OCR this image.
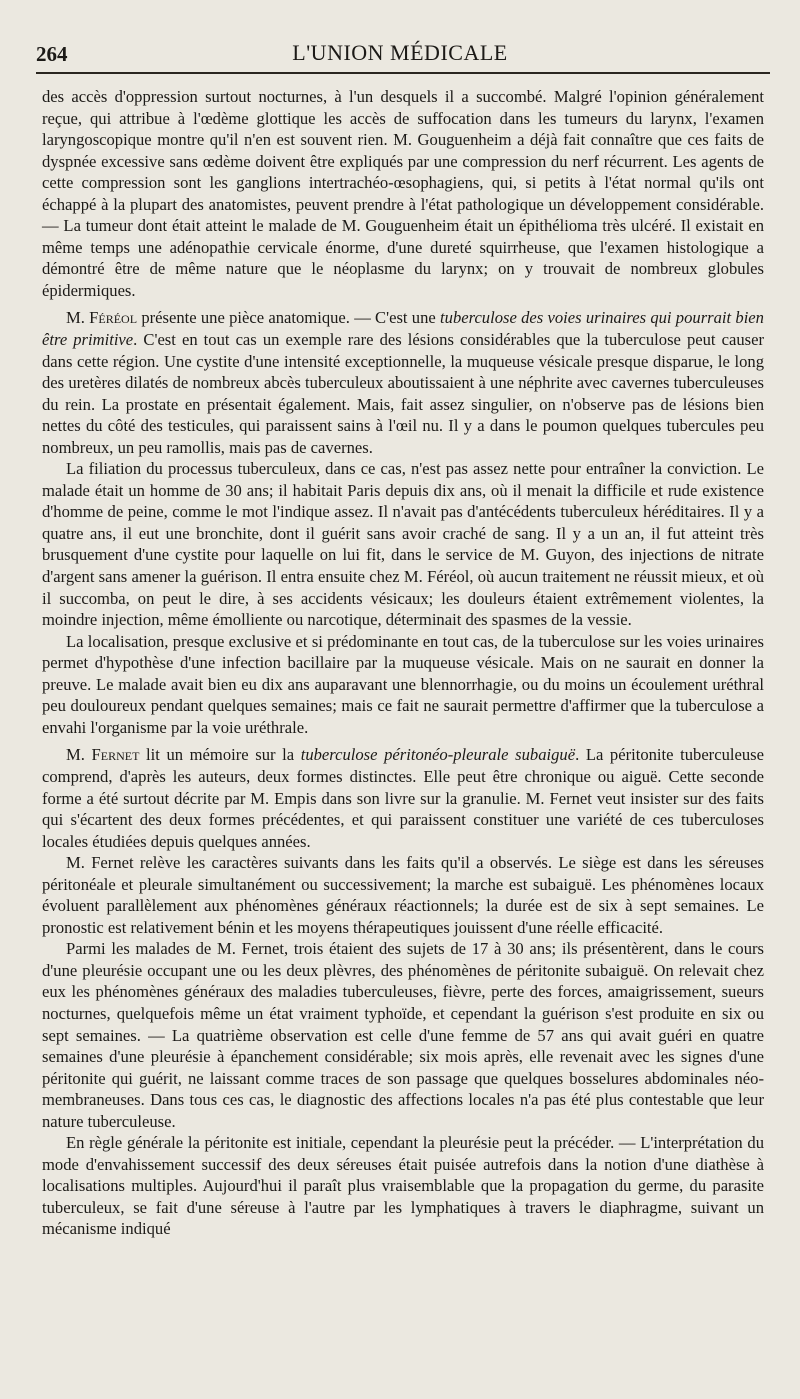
264	L'UNION MÉDICALE

des accès d'oppression surtout nocturnes, à l'un desquels il a succombé. Malgré l'opinion généralement reçue, qui attribue à l'œdème glottique les accès de suffocation dans les tumeurs du larynx, l'examen laryngoscopique montre qu'il n'en est souvent rien. M. Gouguenheim a déjà fait connaître que ces faits de dyspnée excessive sans œdème doivent être expliqués par une compression du nerf récurrent. Les agents de cette compression sont les ganglions intertrachéo-œsophagiens, qui, si petits à l'état normal qu'ils ont échappé à la plupart des anatomistes, peuvent prendre à l'état pathologique un développement considérable. — La tumeur dont était atteint le malade de M. Gouguenheim était un épithélioma très ulcéré. Il existait en même temps une adénopathie cervicale énorme, d'une dureté squirrheuse, que l'examen histologique a démontré être de même nature que le néoplasme du larynx; on y trouvait de nombreux globules épidermiques.

M. Féréol présente une pièce anatomique. — C'est une tuberculose des voies urinaires qui pourrait bien être primitive. C'est en tout cas un exemple rare des lésions considérables que la tuberculose peut causer dans cette région. Une cystite d'une intensité exceptionnelle, la muqueuse vésicale presque disparue, le long des uretères dilatés de nombreux abcès tuberculeux aboutissaient à une néphrite avec cavernes tuberculeuses du rein. La prostate en présentait également. Mais, fait assez singulier, on n'observe pas de lésions bien nettes du côté des testicules, qui paraissent sains à l'œil nu. Il y a dans le poumon quelques tubercules peu nombreux, un peu ramollis, mais pas de cavernes.

La filiation du processus tuberculeux, dans ce cas, n'est pas assez nette pour entraîner la conviction. Le malade était un homme de 30 ans; il habitait Paris depuis dix ans, où il menait la difficile et rude existence d'homme de peine, comme le mot l'indique assez. Il n'avait pas d'antécédents tuberculeux héréditaires. Il y a quatre ans, il eut une bronchite, dont il guérit sans avoir craché de sang. Il y a un an, il fut atteint très brusquement d'une cystite pour laquelle on lui fit, dans le service de M. Guyon, des injections de nitrate d'argent sans amener la guérison. Il entra ensuite chez M. Féréol, où aucun traitement ne réussit mieux, et où il succomba, on peut le dire, à ses accidents vésicaux; les douleurs étaient extrêmement violentes, la moindre injection, même émolliente ou narcotique, déterminait des spasmes de la vessie.

La localisation, presque exclusive et si prédominante en tout cas, de la tuberculose sur les voies urinaires permet d'hypothèse d'une infection bacillaire par la muqueuse vésicale. Mais on ne saurait en donner la preuve. Le malade avait bien eu dix ans auparavant une blennorrhagie, ou du moins un écoulement uréthral peu douloureux pendant quelques semaines; mais ce fait ne saurait permettre d'affirmer que la tuberculose a envahi l'organisme par la voie uréthrale.

M. Fernet lit un mémoire sur la tuberculose péritonéo-pleurale subaiguë. La péritonite tuberculeuse comprend, d'après les auteurs, deux formes distinctes. Elle peut être chronique ou aiguë. Cette seconde forme a été surtout décrite par M. Empis dans son livre sur la granulie. M. Fernet veut insister sur des faits qui s'écartent des deux formes précédentes, et qui paraissent constituer une variété de ces tuberculoses locales étudiées depuis quelques années.

M. Fernet relève les caractères suivants dans les faits qu'il a observés. Le siège est dans les séreuses péritonéale et pleurale simultanément ou successivement; la marche est subaiguë. Les phénomènes locaux évoluent parallèlement aux phénomènes généraux réactionnels; la durée est de six à sept semaines. Le pronostic est relativement bénin et les moyens thérapeutiques jouissent d'une réelle efficacité.

Parmi les malades de M. Fernet, trois étaient des sujets de 17 à 30 ans; ils présentèrent, dans le cours d'une pleurésie occupant une ou les deux plèvres, des phénomènes de péritonite subaiguë. On relevait chez eux les phénomènes généraux des maladies tuberculeuses, fièvre, perte des forces, amaigrissement, sueurs nocturnes, quelquefois même un état vraiment typhoïde, et cependant la guérison s'est produite en six ou sept semaines. — La quatrième observation est celle d'une femme de 57 ans qui avait guéri en quatre semaines d'une pleurésie à épanchement considérable; six mois après, elle revenait avec les signes d'une péritonite qui guérit, ne laissant comme traces de son passage que quelques bosselures abdominales néo-membraneuses. Dans tous ces cas, le diagnostic des affections locales n'a pas été plus contestable que leur nature tuberculeuse.

En règle générale la péritonite est initiale, cependant la pleurésie peut la précéder. — L'interprétation du mode d'envahissement successif des deux séreuses était puisée autrefois dans la notion d'une diathèse à localisations multiples. Aujourd'hui il paraît plus vraisemblable que la propagation du germe, du parasite tuberculeux, se fait d'une séreuse à l'autre par les lymphatiques à travers le diaphragme, suivant un mécanisme indiqué
